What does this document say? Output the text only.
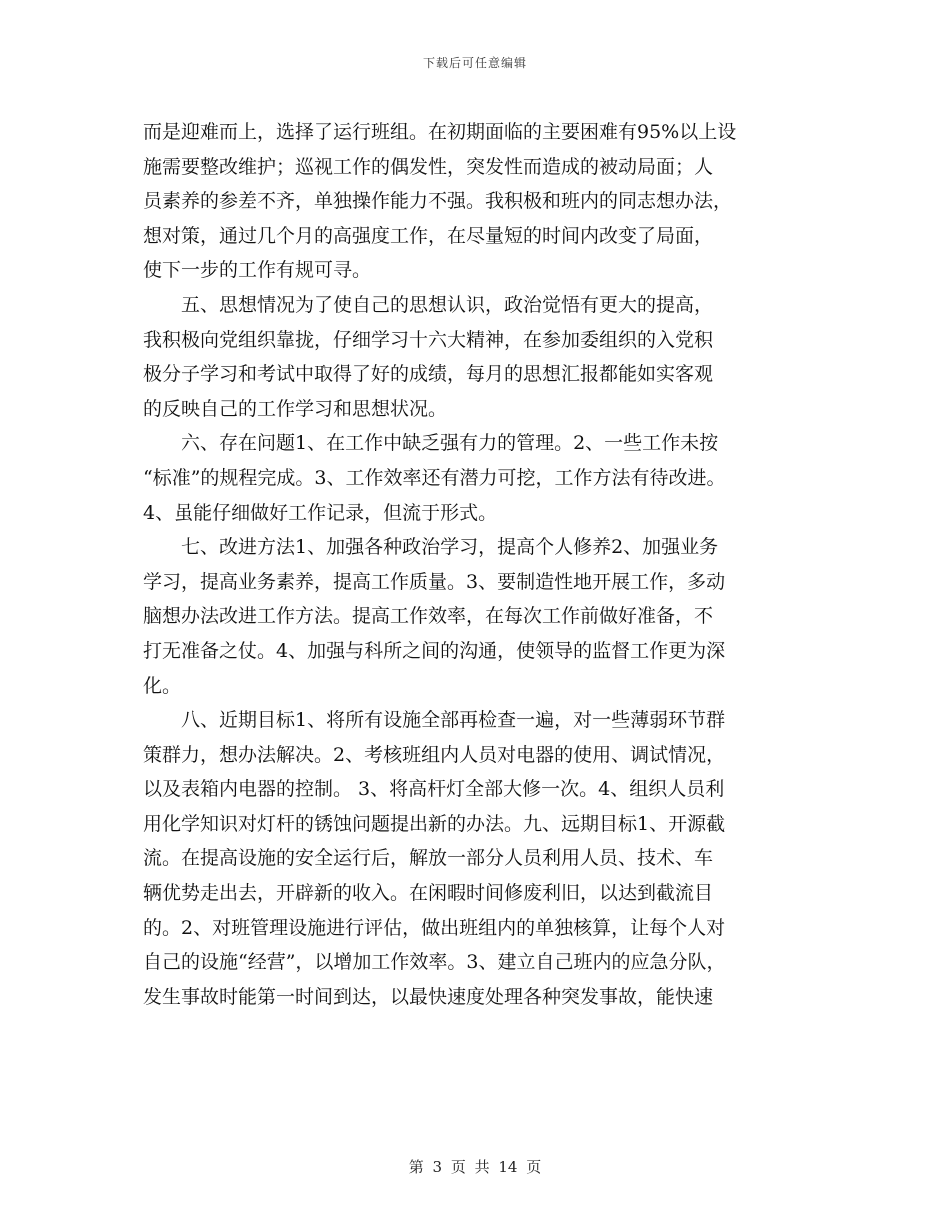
下载后可任意编辑
而是迎难而上，选择了运行班组。在初期面临的主要困难有95%以上设
施需要整改维护；巡视工作的偶发性，突发性而造成的被动局面；人
员素养的参差不齐，单独操作能力不强。我积极和班内的同志想办法，
想对策，通过几个月的高强度工作，在尽量短的时间内改变了局面，
使下一步的工作有规可寻。
　　五、思想情况为了使自己的思想认识，政治觉悟有更大的提高，
我积极向党组织靠拢，仔细学习十六大精神，在参加委组织的入党积
极分子学习和考试中取得了好的成绩，每月的思想汇报都能如实客观
的反映自己的工作学习和思想状况。
　　六、存在问题1、在工作中缺乏强有力的管理。2、一些工作未按
“标准”的规程完成。3、工作效率还有潜力可挖，工作方法有待改进。
4、虽能仔细做好工作记录，但流于形式。
　　七、改进方法1、加强各种政治学习，提高个人修养2、加强业务
学习，提高业务素养，提高工作质量。3、要制造性地开展工作，多动
脑想办法改进工作方法。提高工作效率，在每次工作前做好准备，不
打无准备之仗。4、加强与科所之间的沟通，使领导的监督工作更为深
化。
　　八、近期目标1、将所有设施全部再检查一遍，对一些薄弱环节群
策群力，想办法解决。2、考核班组内人员对电器的使用、调试情况，
以及表箱内电器的控制。 3、将高杆灯全部大修一次。4、组织人员利
用化学知识对灯杆的锈蚀问题提出新的办法。九、远期目标1、开源截
流。在提高设施的安全运行后，解放一部分人员利用人员、技术、车
辆优势走出去，开辟新的收入。在闲暇时间修废利旧，以达到截流目
的。2、对班管理设施进行评估，做出班组内的单独核算，让每个人对
自己的设施“经营”，以增加工作效率。3、建立自己班内的应急分队，
发生事故时能第一时间到达，以最快速度处理各种突发事故，能快速
第 3 页 共 14 页
